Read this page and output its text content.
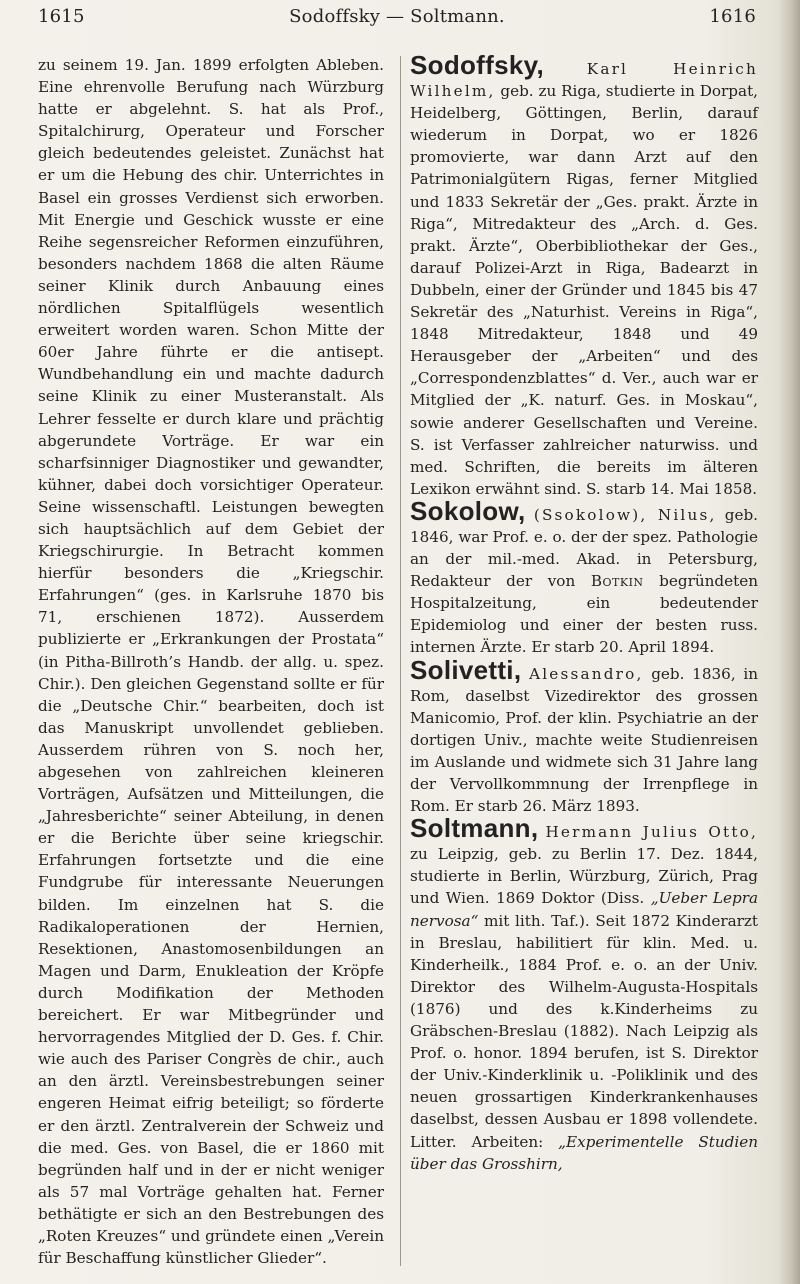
1615	Sodoffsky — Soltmann.	1616

zu seinem 19. Jan. 1899 erfolgten Ableben. Eine ehrenvolle Berufung nach Würzburg hatte er abgelehnt. S. hat als Prof., Spitalchirurg, Operateur und Forscher gleich bedeutendes geleistet. Zunächst hat er um die Hebung des chir. Unterrichtes in Basel ein grosses Verdienst sich erworben. Mit Energie und Geschick wusste er eine Reihe segensreicher Reformen einzuführen, besonders nachdem 1868 die alten Räume seiner Klinik durch Anbauung eines nördlichen Spitalflügels wesentlich erweitert worden waren. Schon Mitte der 60er Jahre führte er die antisept. Wundbehandlung ein und machte dadurch seine Klinik zu einer Musteranstalt. Als Lehrer fesselte er durch klare und prächtig abgerundete Vorträge. Er war ein scharfsinniger Diagnostiker und gewandter, kühner, dabei doch vorsichtiger Operateur. Seine wissenschaftl. Leistungen bewegten sich hauptsächlich auf dem Gebiet der Kriegschirurgie. In Betracht kommen hierfür besonders die „Kriegschir. Erfahrungen“ (ges. in Karlsruhe 1870 bis 71, erschienen 1872). Ausserdem publizierte er „Erkrankungen der Prostata“ (in Pitha-Billroth’s Handb. der allg. u. spez. Chir.). Den gleichen Gegenstand sollte er für die „Deutsche Chir.“ bearbeiten, doch ist das Manuskript unvollendet geblieben. Ausserdem rühren von S. noch her, abgesehen von zahlreichen kleineren Vorträgen, Aufsätzen und Mitteilungen, die „Jahresberichte“ seiner Abteilung, in denen er die Berichte über seine kriegschir. Erfahrungen fortsetzte und die eine Fundgrube für interessante Neuerungen bilden. Im einzelnen hat S. die Radikaloperationen der Hernien, Resektionen, Anastomosenbildungen an Magen und Darm, Enukleation der Kröpfe durch Modifikation der Methoden bereichert. Er war Mitbegründer und hervorragendes Mitglied der D. Ges. f. Chir. wie auch des Pariser Congrès de chir., auch an den ärztl. Vereinsbestrebungen seiner engeren Heimat eifrig beteiligt; so förderte er den ärztl. Zentralverein der Schweiz und die med. Ges. von Basel, die er 1860 mit begründen half und in der er nicht weniger als 57 mal Vorträge gehalten hat. Ferner bethätigte er sich an den Bestrebungen des „Roten Kreuzes“ und gründete einen „Verein für Beschaffung künstlicher Glieder“.

Sodoffsky,	Karl Heinrich Wilhelm, geb. zu Riga, studierte in Dorpat, Heidelberg, Göttingen, Berlin, darauf wiederum in Dorpat, wo er 1826 promovierte, war dann Arzt auf den Patrimonialgütern Rigas, ferner Mitglied und 1833 Sekretär der „Ges. prakt. Ärzte in Riga“, Mitredakteur des „Arch. d. Ges. prakt. Ärzte“, Oberbibliothekar der Ges., darauf Polizei-Arzt in Riga, Badearzt in Dubbeln, einer der Gründer und 1845 bis 47 Sekretär des „Naturhist. Vereins in Riga“, 1848 Mitredakteur, 1848 und 49 Herausgeber der „Arbeiten“ und des „Correspondenzblattes“ d. Ver., auch war er Mitglied der „K. naturf. Ges. in Moskau“, sowie anderer Gesellschaften und Vereine. S. ist Verfasser zahlreicher naturwiss. und med. Schriften, die bereits im älteren Lexikon erwähnt sind. S. starb 14. Mai 1858.

Sokolow, (Ssokolow), Nilus, geb. 1846, war Prof. e. o. der der spez. Pathologie an der mil.-med. Akad. in Petersburg, Redakteur der von Botkin begründeten Hospitalzeitung, ein bedeutender Epidemiolog und einer der besten russ. internen Ärzte. Er starb 20. April 1894.

Solivetti, Alessandro, geb. 1836, in Rom, daselbst Vizedirektor des grossen Manicomio, Prof. der klin. Psychiatrie an der dortigen Univ., machte weite Studienreisen im Auslande und widmete sich 31 Jahre lang der Vervollkommnung der Irrenpflege in Rom. Er starb 26. März 1893.

Soltmann, Hermann Julius Otto, zu Leipzig, geb. zu Berlin 17. Dez. 1844, studierte in Berlin, Würzburg, Zürich, Prag und Wien. 1869 Doktor (Diss. „Ueber Lepra nervosa“ mit lith. Taf.). Seit 1872 Kinderarzt in Breslau, habilitiert für klin. Med. u. Kinderheilk., 1884 Prof. e. o. an der Univ. Direktor des Wilhelm-Augusta-Hospitals (1876) und des k.Kinderheims zu Gräbschen-Breslau (1882). Nach Leipzig als Prof. o. honor. 1894 berufen, ist S. Direktor der Univ.-Kinderklinik u. -Poliklinik und des neuen grossartigen Kinderkrankenhauses daselbst, dessen Ausbau er 1898 vollendete. Litter. Arbeiten: „Experimentelle Studien über das Grosshirn,
